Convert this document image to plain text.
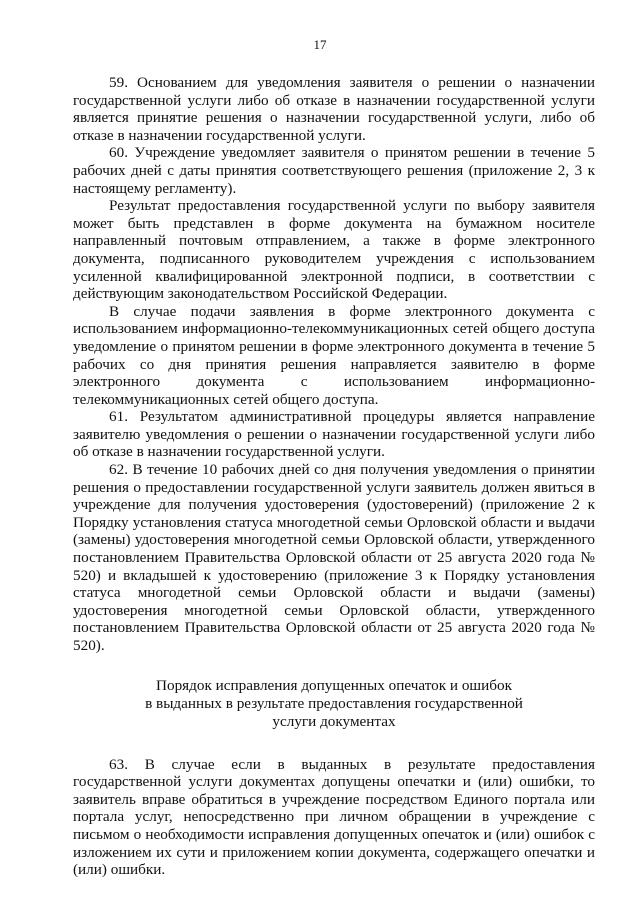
17

59. Основанием для уведомления заявителя о решении о назначении государственной услуги либо об отказе в назначении государственной услуги является принятие решения о назначении государственной услуги, либо об отказе в назначении государственной услуги.

60. Учреждение уведомляет заявителя о принятом решении в течение 5 рабочих дней с даты принятия соответствующего решения (приложение 2, 3 к настоящему регламенту).

Результат предоставления государственной услуги по выбору заявителя может быть представлен в форме документа на бумажном носителе направленный почтовым отправлением, а также в форме электронного документа, подписанного руководителем учреждения с использованием усиленной квалифицированной электронной подписи, в соответствии с действующим законодательством Российской Федерации.

В случае подачи заявления в форме электронного документа с использованием информационно-телекоммуникационных сетей общего доступа уведомление о принятом решении в форме электронного документа в течение 5 рабочих со дня принятия решения направляется заявителю в форме электронного документа с использованием информационно-телекоммуникационных сетей общего доступа.

61. Результатом административной процедуры является направление заявителю уведомления о решении о назначении государственной услуги либо об отказе в назначении государственной услуги.

62. В течение 10 рабочих дней со дня получения уведомления о принятии решения о предоставлении государственной услуги заявитель должен явиться в учреждение для получения удостоверения (удостоверений) (приложение 2 к Порядку установления статуса многодетной семьи Орловской области и выдачи (замены) удостоверения многодетной семьи Орловской области, утвержденного постановлением Правительства Орловской области от 25 августа 2020 года № 520) и вкладышей к удостоверению (приложение 3 к Порядку установления статуса многодетной семьи Орловской области и выдачи (замены) удостоверения многодетной семьи Орловской области, утвержденного постановлением Правительства Орловской области от 25 августа 2020 года № 520).

Порядок исправления допущенных опечаток и ошибок
в выданных в результате предоставления государственной
услуги документах

63. В случае если в выданных в результате предоставления государственной услуги документах допущены опечатки и (или) ошибки, то заявитель вправе обратиться в учреждение посредством Единого портала или портала услуг, непосредственно при личном обращении в учреждение с письмом о необходимости исправления допущенных опечаток и (или) ошибок с изложением их сути и приложением копии документа, содержащего опечатки и (или) ошибки.
